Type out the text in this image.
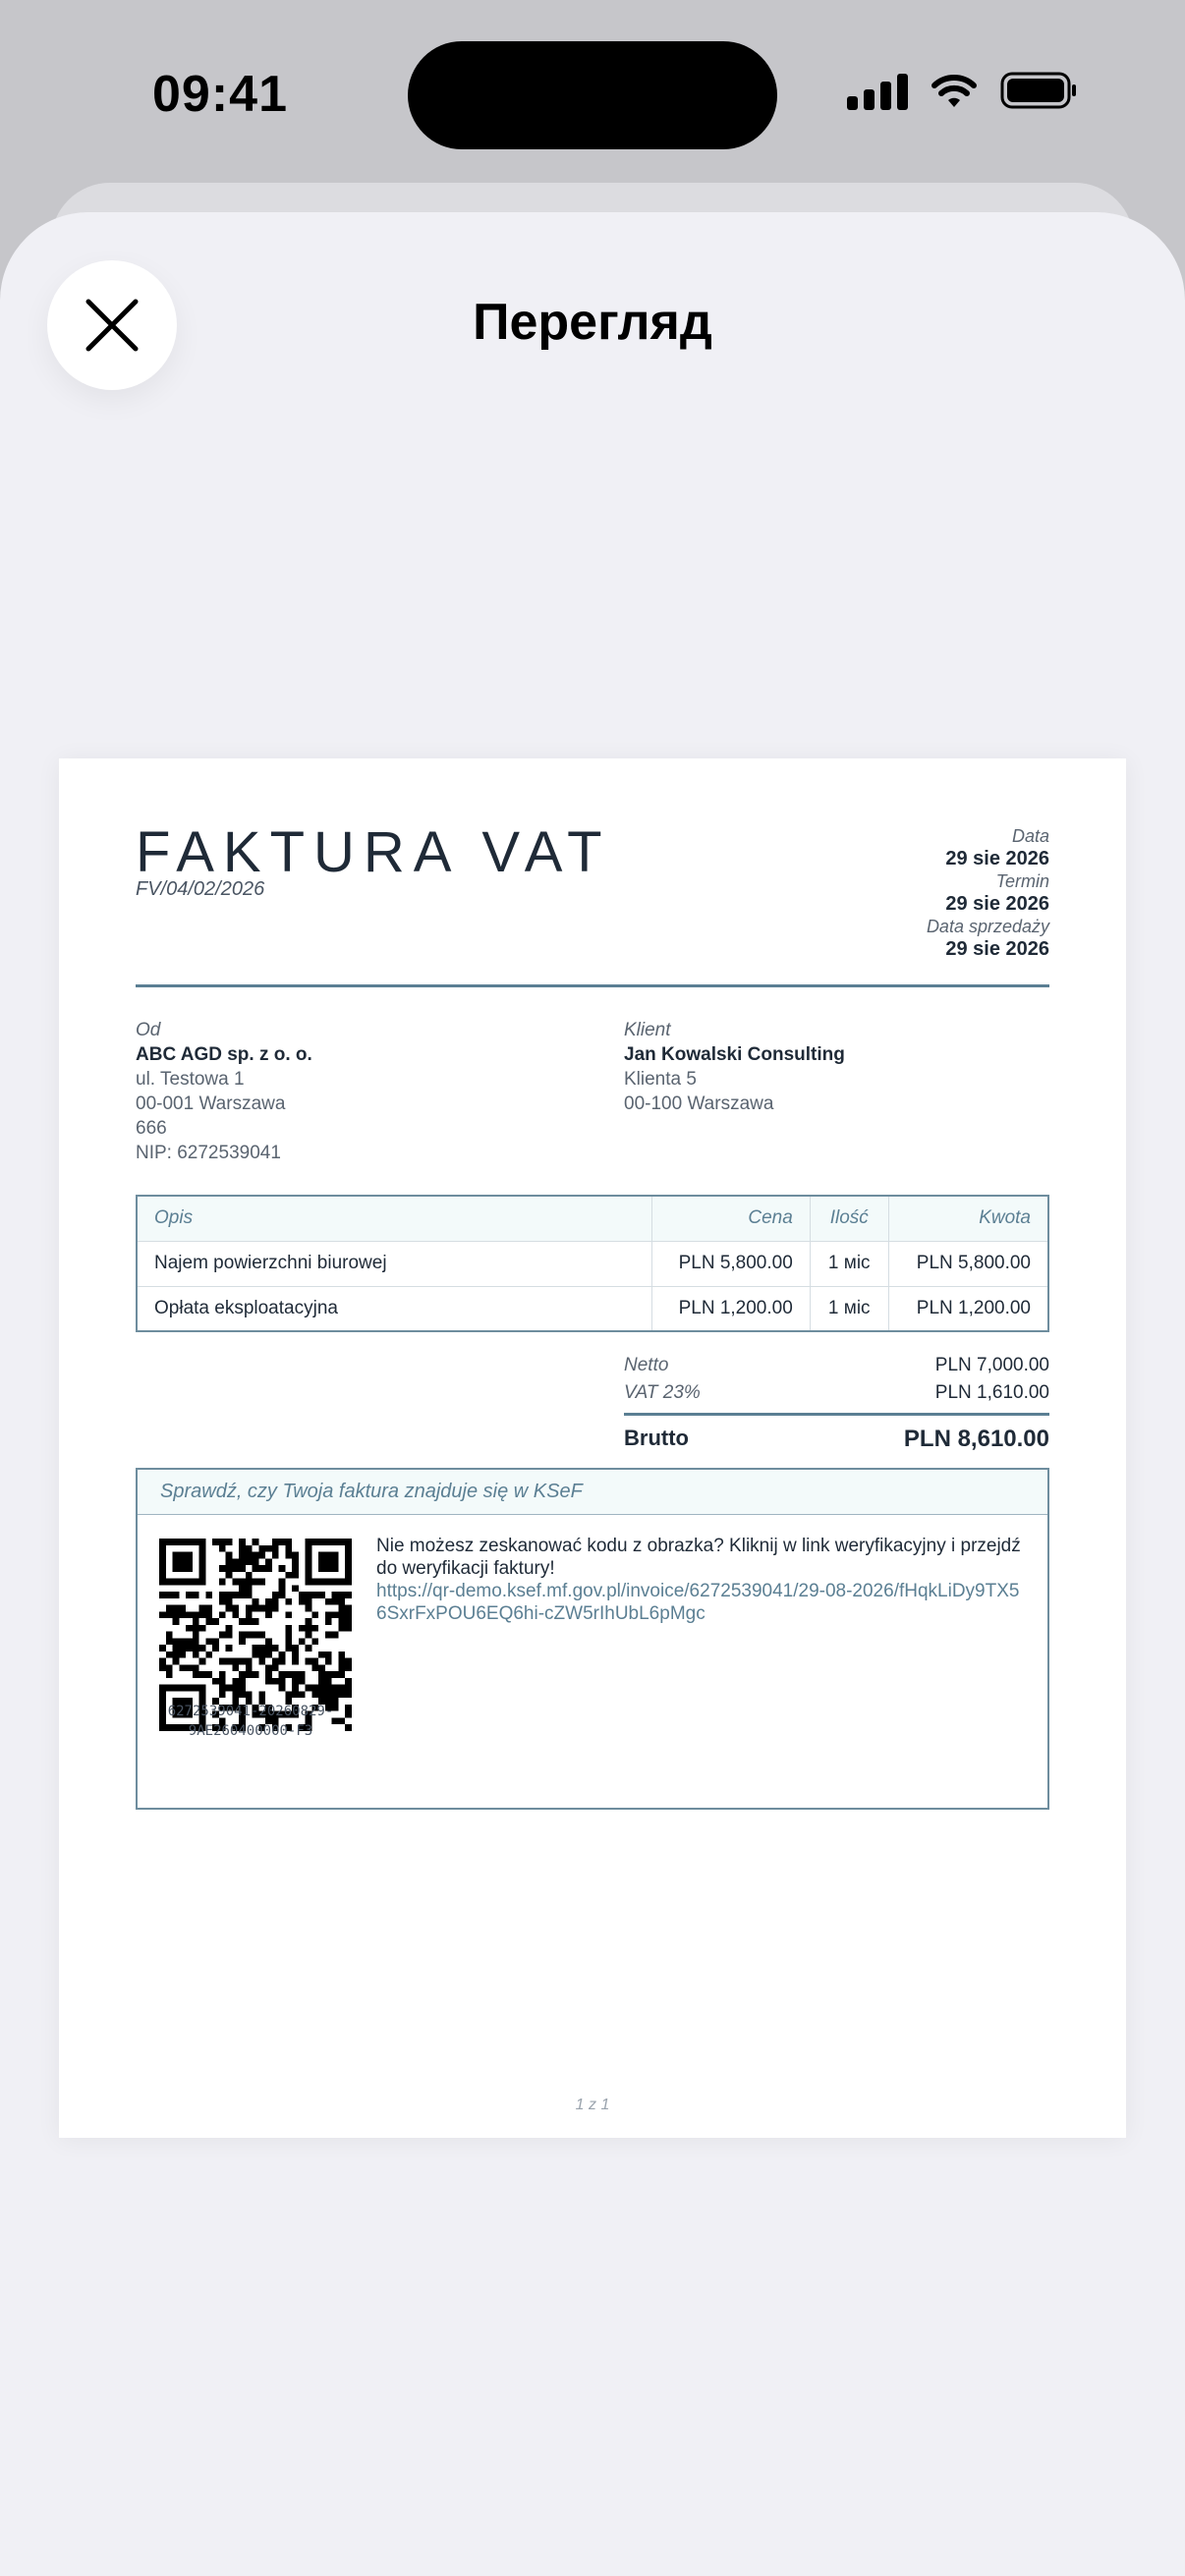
09:41
Перегляд
FAKTURA VAT
FV/04/02/2026
Data
29 sie 2026
Termin
29 sie 2026
Data sprzedaży
29 sie 2026
Od
ABC AGD sp. z o. o.
ul. Testowa 1
00-001 Warszawa
666
NIP: 6272539041
Klient
Jan Kowalski Consulting
Klienta 5
00-100 Warszawa
Opis	Cena	Ilość	Kwota
Najem powierzchni biurowej	PLN 5,800.00	1 міс	PLN 5,800.00
Opłata eksploatacyjna	PLN 1,200.00	1 міс	PLN 1,200.00
Netto	PLN 7,000.00
VAT 23%	PLN 1,610.00
Brutto	PLN 8,610.00
Sprawdź, czy Twoja faktura znajduje się w KSeF
6272539041-20260829-
9AE260400000-F3
Nie możesz zeskanować kodu z obrazka? Kliknij w link weryfikacyjny i przejdź do weryfikacji faktury!
https://qr-demo.ksef.mf.gov.pl/invoice/6272539041/29-08-2026/fHqkLiDy9TX56SxrFxPOU6EQ6hi-cZW5rIhUbL6pMgc
1 z 1
